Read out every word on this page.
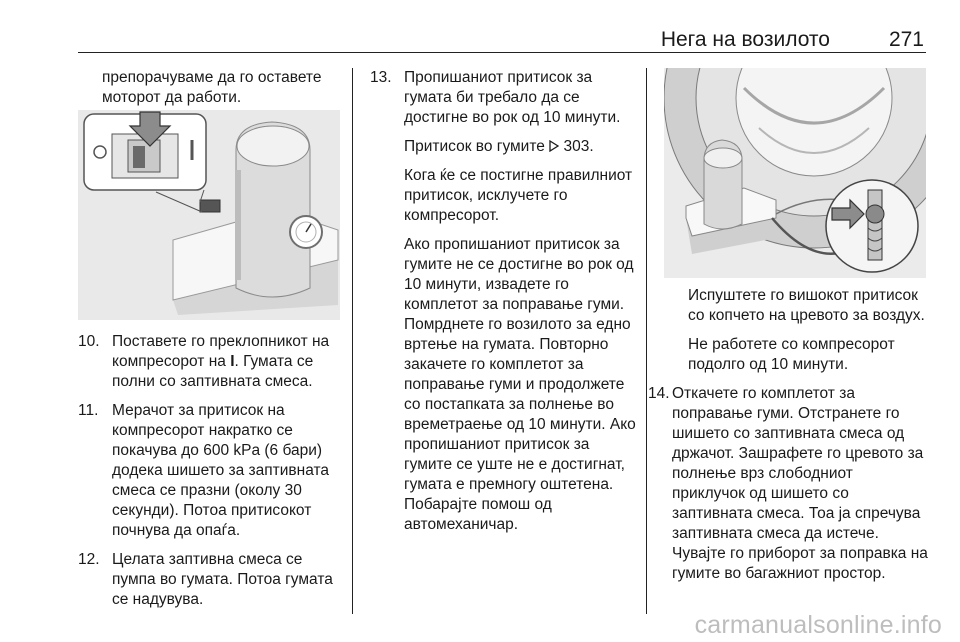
Нега на возилото	271

препорачуваме да го оставете моторот да работи.

10. Поставете го преклопникот на компресорот на I. Гумата се полни со заптивната смеса.
11. Мерачот за притисок на компресорот накратко се покачува до 600 kPa (6 бари) додека шишето за заптивната смеса се празни (околу 30 секунди). Потоа притисокот почнува да опаѓа.
12. Целата заптивна смеса се пумпа во гумата. Потоа гумата се надувува.
13. Пропишаниот притисок за гумата би требало да се достигне во рок од 10 минути.

Притисок во гумите  303.

Кога ќе се постигне правилниот притисок, исклучете го компресорот.

Ако пропишаниот притисок за гумите не се достигне во рок од 10 минути, извадете го комплетот за поправање гуми. Помрднете го возилото за едно вртење на гумата. Повторно закачете го комплетот за поправање гуми и продолжете со постапката за полнење во времетраење од 10 минути. Ако пропишаниот притисок за гумите се уште не е достигнат, гумата е премногу оштетена. Побарајте помош од автомеханичар.

Испуштете го вишокот притисок со копчето на цревото за воздух.

Не работете со компресорот подолго од 10 минути.

14. Откачете го комплетот за поправање гуми. Отстранете го шишето со заптивната смеса од држачот. Зашрафете го цревото за полнење врз слободниот приклучок од шишето со заптивната смеса. Тоа ја спречува заптивната смеса да истече. Чувајте го приборот за поправка на гумите во багажниот простор.
carmanualsonline.info
